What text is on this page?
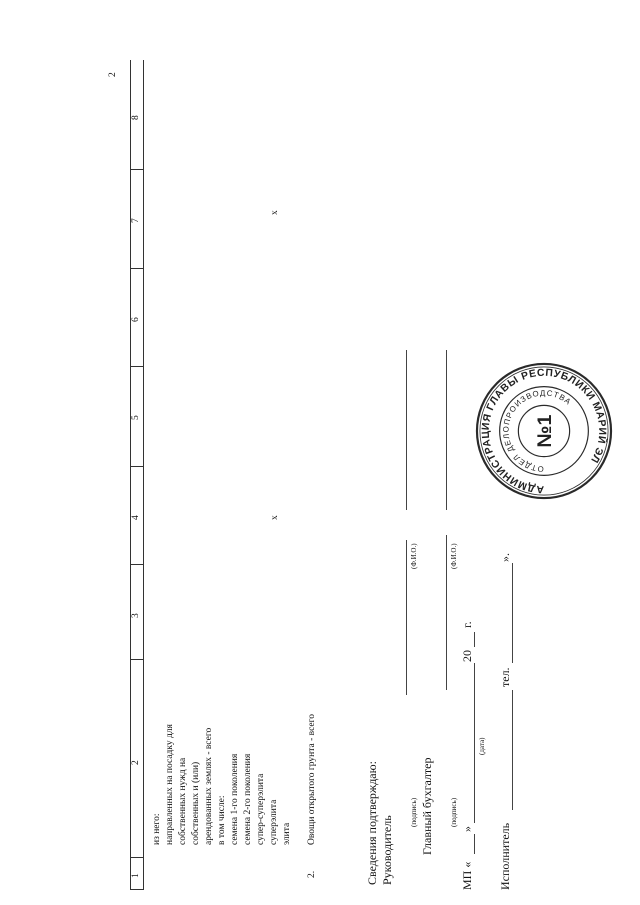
2
1
2
3
4
5
6
7
8
из него: направленных на посадку для собственных нужд на собственных и (или) арендованных землях - всего в том числе: семена 1-го поколения семена 2-го поколения супер-суперэлита суперэлита элита
x
x
2.
Овощи открытого грунта - всего	Сведения подтверждаю: Руководитель
(подпись)
(Ф.И.О.)
Главный бухгалтер (подпись)
(Ф.И.О.)
МП «
»
20
г.
(дата)
Исполнитель
тел.
».
АДМИНИСТРАЦИЯ ГЛАВЫ РЕСПУБЛИКИ МАРИЙ ЭЛ
ОТДЕЛ ДЕЛОПРОИЗВОДСТВА
№1
